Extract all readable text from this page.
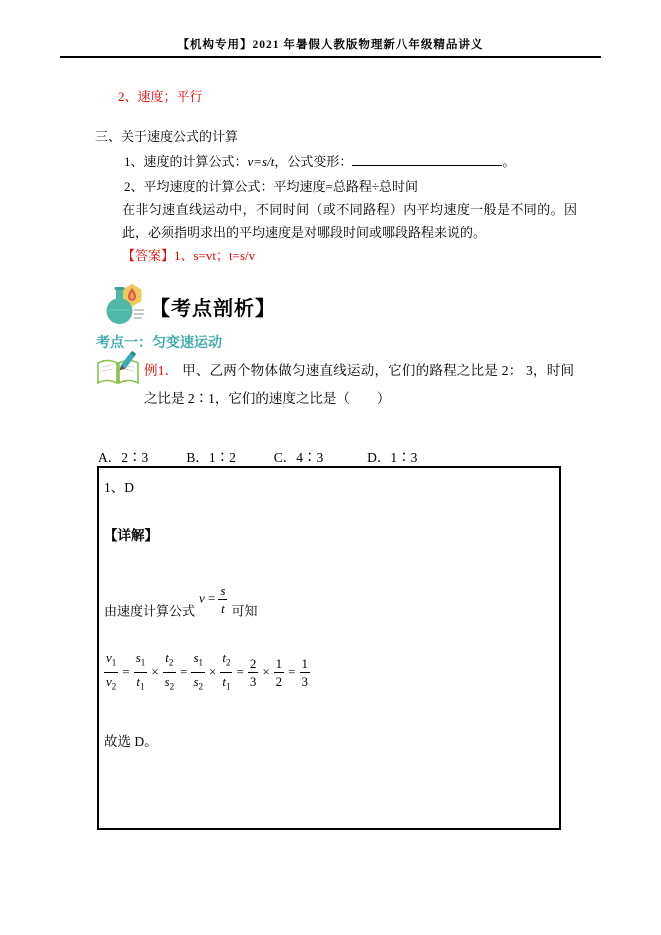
【机构专用】2021 年暑假人教版物理新八年级精品讲义
2、速度；平行
三、关于速度公式的计算
1、速度的计算公式：v=s/t，公式变形：	。
2、平均速度的计算公式：平均速度=总路程÷总时间
在非匀速直线运动中，不同时间（或不同路程）内平均速度一般是不同的。因此，必须指明求出的平均速度是对哪段时间或哪段路程来说的。
【答案】1、s=vt；t=s/v
【考点剖析】
考点一：匀变速运动
例1． 甲、乙两个物体做匀速直线运动，它们的路程之比是 2： 3，时间之比是 2∶1，它们的速度之比是（　　）
A．2∶3	B．1∶2	C．4∶3	D．1∶3
1、D
【详解】
由速度计算公式$v = \frac{s}{t}$ 可知
$\frac{v_1}{v_2} = \frac{s_1}{t_1} \times \frac{t_2}{s_2} = \frac{s_1}{s_2} \times \frac{t_2}{t_1} = \frac{2}{3} \times \frac{1}{2} = \frac{1}{3}$
故选 D。
